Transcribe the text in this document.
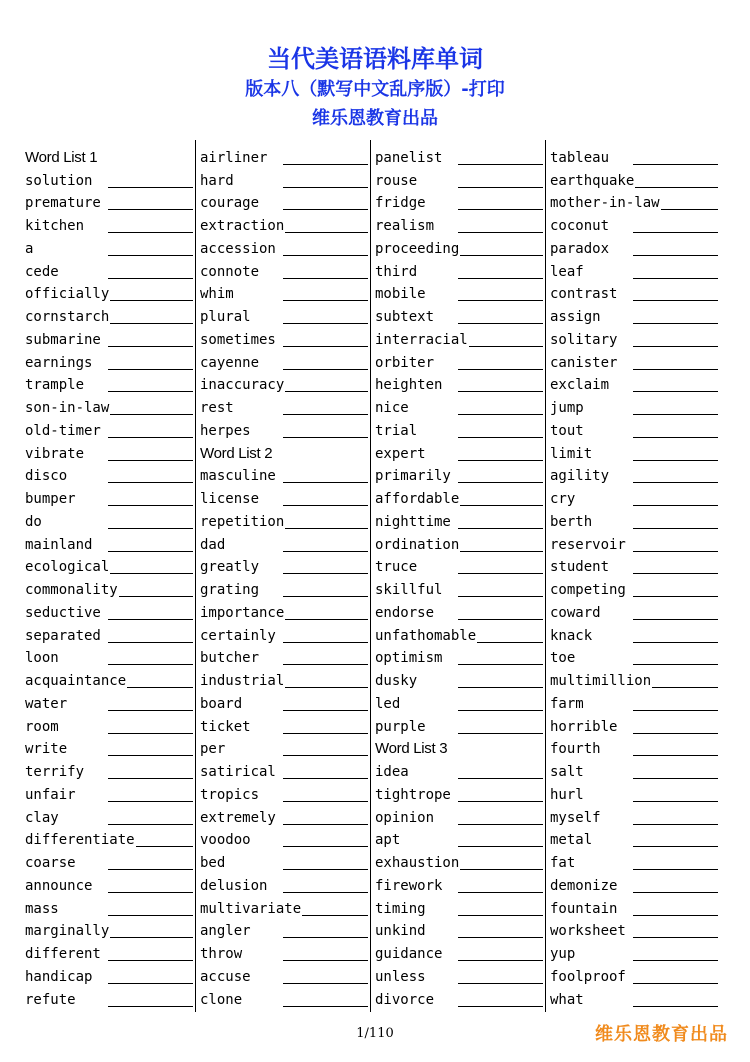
当代美语语料库单词
版本八（默写中文乱序版）-打印
维乐恩教育出品
Word List 1
solution
premature
kitchen
a
cede
officially
cornstarch
submarine
earnings
trample
son-in-law
old-timer
vibrate
disco
bumper
do
mainland
ecological
commonality
seductive
separated
loon
acquaintance
water
room
write
terrify
unfair
clay
differentiate
coarse
announce
mass
marginally
different
handicap
refute
airliner
hard
courage
extraction
accession
connote
whim
plural
sometimes
cayenne
inaccuracy
rest
herpes
Word List 2
masculine
license
repetition
dad
greatly
grating
importance
certainly
butcher
industrial
board
ticket
per
satirical
tropics
extremely
voodoo
bed
delusion
multivariate
angler
throw
accuse
clone
panelist
rouse
fridge
realism
proceeding
third
mobile
subtext
interracial
orbiter
heighten
nice
trial
expert
primarily
affordable
nighttime
ordination
truce
skillful
endorse
unfathomable
optimism
dusky
led
purple
Word List 3
idea
tightrope
opinion
apt
exhaustion
firework
timing
unkind
guidance
unless
divorce
tableau
earthquake
mother-in-law
coconut
paradox
leaf
contrast
assign
solitary
canister
exclaim
jump
tout
limit
agility
cry
berth
reservoir
student
competing
coward
knack
toe
multimillion
farm
horrible
fourth
salt
hurl
myself
metal
fat
demonize
fountain
worksheet
yup
foolproof
what
1/110	维乐恩教育出品
